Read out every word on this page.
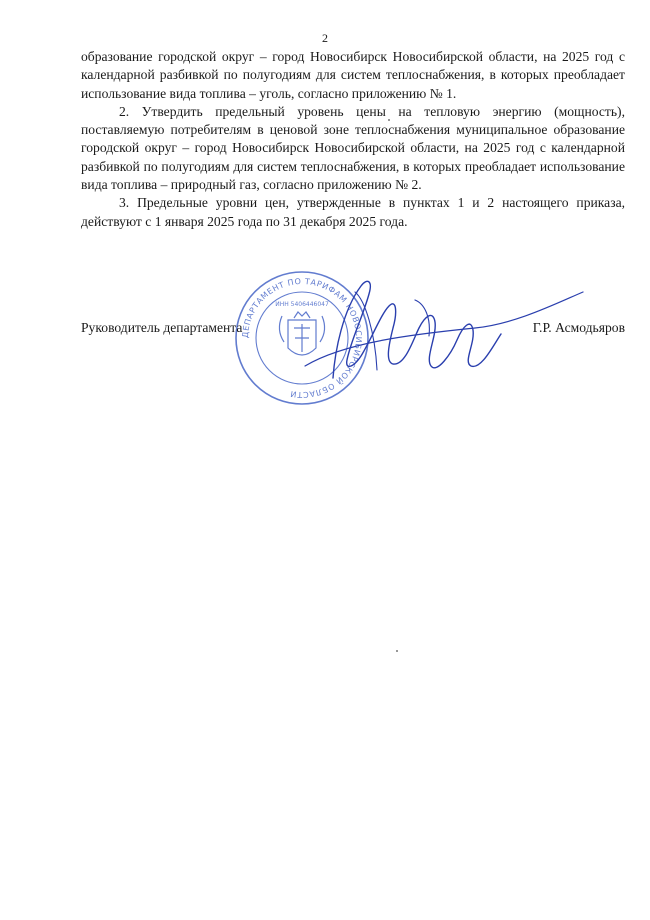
2

образование городской округ – город Новосибирск Новосибирской области, на 2025 год с календарной разбивкой по полугодиям для систем теплоснабжения, в которых преобладает использование вида топлива – уголь, согласно приложению № 1.

2. Утвердить предельный уровень цены на тепловую энергию (мощность), поставляемую потребителям в ценовой зоне теплоснабжения муниципальное образование городской округ – город Новосибирск Новосибирской области, на 2025 год с календарной разбивкой по полугодиям для систем теплоснабжения, в которых преобладает использование вида топлива – природный газ, согласно приложению № 2.

3. Предельные уровни цен, утвержденные в пунктах 1 и 2 настоящего приказа, действуют с 1 января 2025 года по 31 декабря 2025 года.

ДЕПАРТАМЕНТ ПО ТАРИФАМ НОВОСИБИРСКОЙ ОБЛАСТИ
ИНН 5406446047
Руководитель департамента	Г.Р. Асмодьяров
